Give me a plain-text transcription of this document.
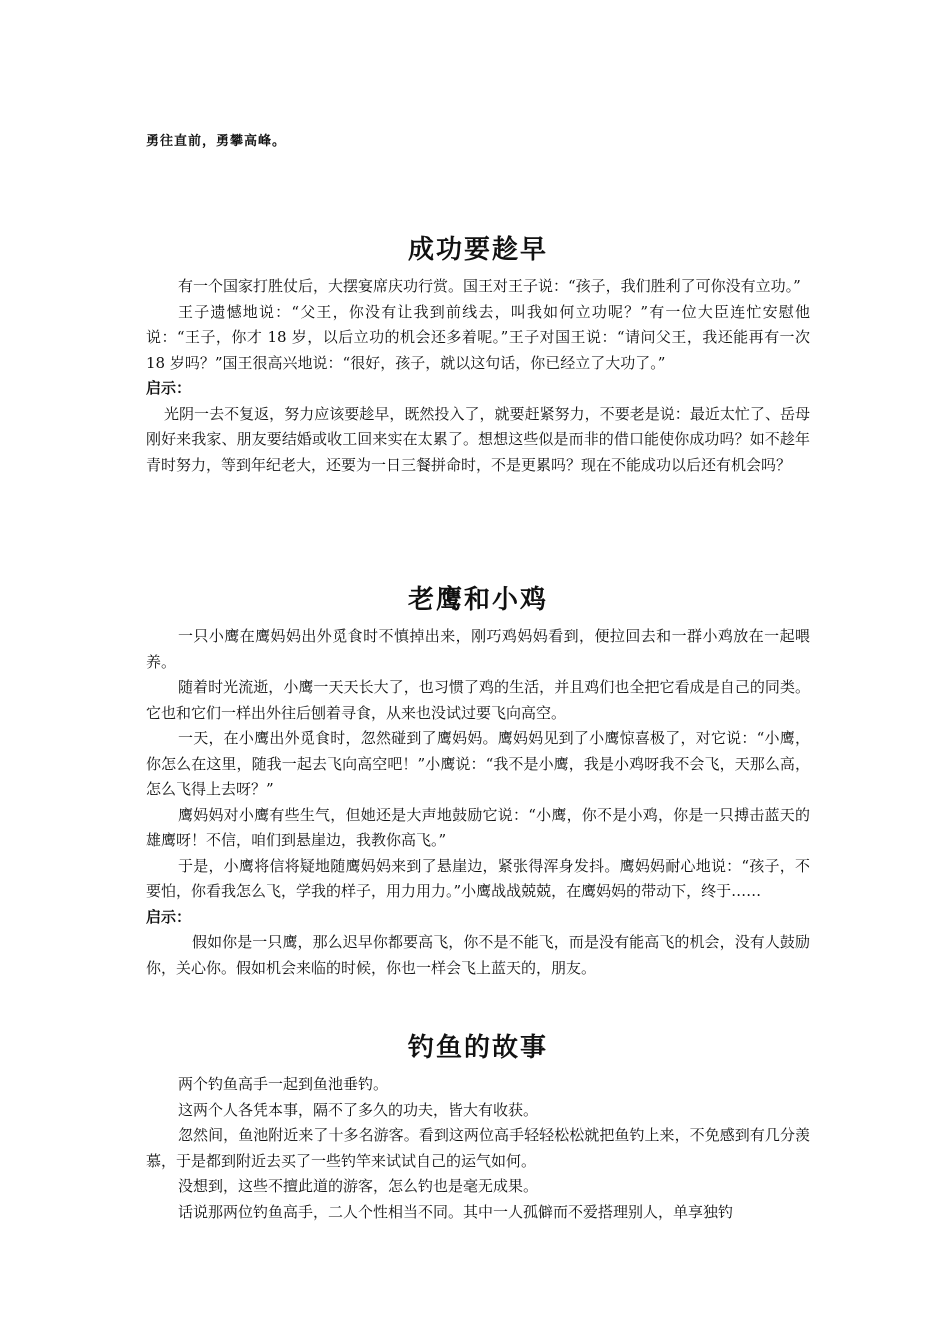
勇往直前，勇攀高峰。
成功要趁早

有一个国家打胜仗后，大摆宴席庆功行赏。国王对王子说：“孩子，我们胜利了可你没有立功。”

王子遗憾地说：“父王，你没有让我到前线去，叫我如何立功呢？”有一位大臣连忙安慰他说：“王子，你才 18 岁，以后立功的机会还多着呢。”王子对国王说：“请问父王，我还能再有一次 18 岁吗？”国王很高兴地说：“很好，孩子，就以这句话，你已经立了大功了。”

启示：

光阴一去不复返，努力应该要趁早，既然投入了，就要赶紧努力，不要老是说：最近太忙了、岳母刚好来我家、朋友要结婚或收工回来实在太累了。想想这些似是而非的借口能使你成功吗？如不趁年青时努力，等到年纪老大，还要为一日三餐拼命时，不是更累吗？现在不能成功以后还有机会吗？

老鹰和小鸡

一只小鹰在鹰妈妈出外觅食时不慎掉出来，刚巧鸡妈妈看到，便拉回去和一群小鸡放在一起喂养。

随着时光流逝，小鹰一天天长大了，也习惯了鸡的生活，并且鸡们也全把它看成是自己的同类。它也和它们一样出外往后刨着寻食，从来也没试过要飞向高空。

一天，在小鹰出外觅食时，忽然碰到了鹰妈妈。鹰妈妈见到了小鹰惊喜极了，对它说：“小鹰，你怎么在这里，随我一起去飞向高空吧！”小鹰说：“我不是小鹰，我是小鸡呀我不会飞，天那么高，怎么飞得上去呀？”

鹰妈妈对小鹰有些生气，但她还是大声地鼓励它说：“小鹰，你不是小鸡，你是一只搏击蓝天的雄鹰呀！不信，咱们到悬崖边，我教你高飞。”

于是，小鹰将信将疑地随鹰妈妈来到了悬崖边，紧张得浑身发抖。鹰妈妈耐心地说：“孩子，不要怕，你看我怎么飞，学我的样子，用力用力。”小鹰战战兢兢，在鹰妈妈的带动下，终于……

启示：

假如你是一只鹰，那么迟早你都要高飞，你不是不能飞，而是没有能高飞的机会，没有人鼓励你，关心你。假如机会来临的时候，你也一样会飞上蓝天的，朋友。

钓鱼的故事

两个钓鱼高手一起到鱼池垂钓。

这两个人各凭本事，隔不了多久的功夫，皆大有收获。

忽然间，鱼池附近来了十多名游客。看到这两位高手轻轻松松就把鱼钓上来，不免感到有几分羡慕，于是都到附近去买了一些钓竿来试试自己的运气如何。

没想到，这些不擅此道的游客，怎么钓也是毫无成果。

话说那两位钓鱼高手，二人个性相当不同。其中一人孤僻而不爱搭理别人，单享独钓
